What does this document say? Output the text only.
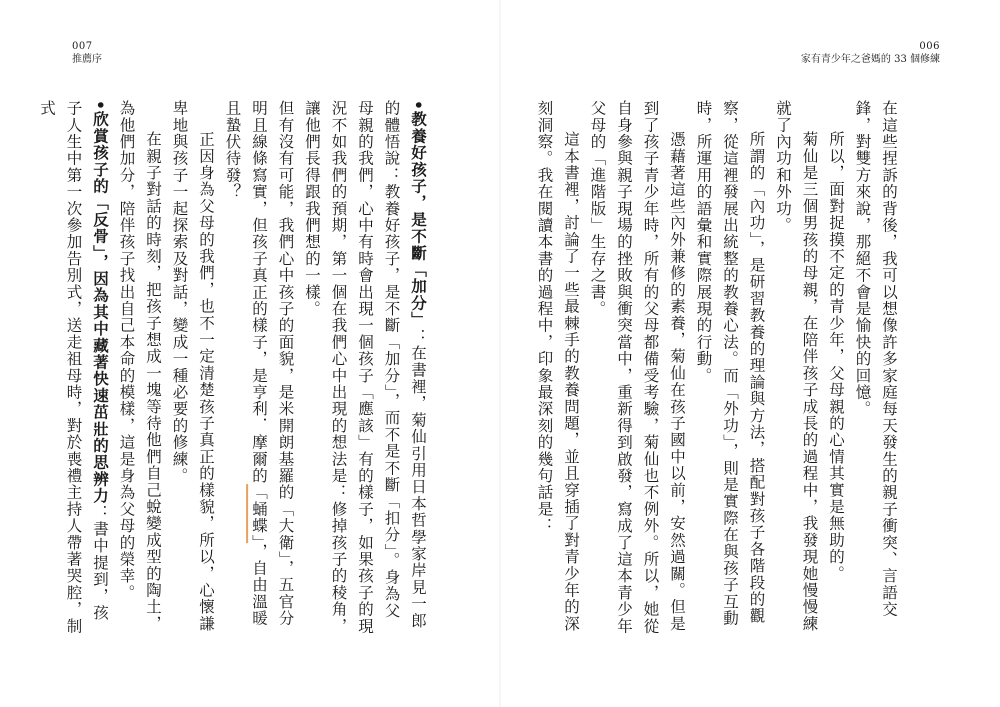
007
推薦序

•教養好孩子，是不斷「加分」：在書裡，菊仙引用日本哲學家岸見一郎的體悟說：教養好孩子，是不斷「加分」，而不是不斷「扣分」。身為父母親的我們，心中有時會出現一個孩子「應該」有的樣子，如果孩子的現況不如我們的預期，第一個在我們心中出現的想法是：修掉孩子的稜角，讓他們長得跟我們想的一樣。

但有沒有可能，我們心中孩子的面貌，是米開朗基羅的「大衛」，五官分明且線條寫實，但孩子真正的樣子，是亨利．摩爾的「蛹蝶」，自由溫暖且蟄伏待發？

正因身為父母的我們，也不一定清楚孩子真正的樣貌，所以，心懷謙卑地與孩子一起探索及對話，變成一種必要的修練。

在親子對話的時刻，把孩子想成一塊等待他們自己蛻變成型的陶土，為他們加分，陪伴孩子找出自己本命的模樣，這是身為父母的榮幸。

•欣賞孩子的「反骨」，因為其中藏著快速茁壯的思辨力：書中提到，孩子人生中第一次參加告別式，送走祖母時，對於喪禮主持人帶著哭腔，制式

006
家有青少年之爸媽的 33 個修練

在這些捏訴的背後，我可以想像許多家庭每天發生的親子衝突、言語交鋒，對雙方來說，那絕不會是愉快的回憶。

所以，面對捉摸不定的青少年，父母親的心情其實是無助的。

菊仙是三個男孩的母親，在陪伴孩子成長的過程中，我發現她慢慢練就了內功和外功。

所謂的「內功」，是研習教養的理論與方法，搭配對孩子各階段的觀察，從這裡發展出統整的教養心法。而「外功」，則是實際在與孩子互動時，所運用的語彙和實際展現的行動。

憑藉著這些內外兼修的素養，菊仙在孩子國中以前，安然過關。但是到了孩子青少年時，所有的父母都備受考驗，菊仙也不例外。所以，她從自身參與親子現場的挫敗與衝突當中，重新得到啟發，寫成了這本青少年父母的「進階版」生存之書。

這本書裡，討論了一些最棘手的教養問題，並且穿插了對青少年的深刻洞察。我在閱讀本書的過程中，印象最深刻的幾句話是：
